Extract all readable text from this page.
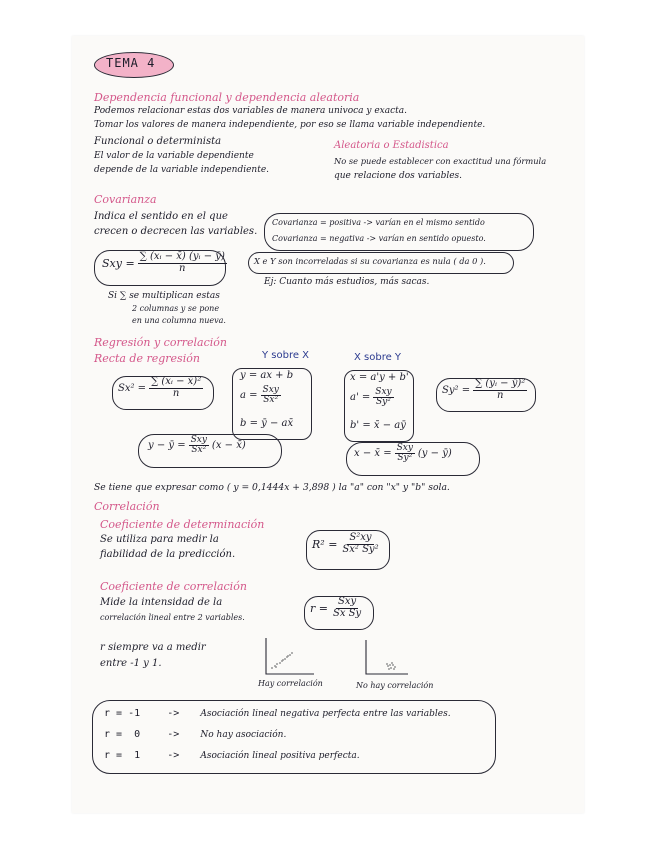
TEMA 4
Dependencia funcional y dependencia aleatoria
Podemos relacionar estas dos variables de manera univoca y exacta.
Tomar los valores de manera independiente, por eso se llama variable independiente.
Funcional o determinista
El valor de la variable dependiente
depende de la variable independiente.
Aleatoria o Estadistica
No se puede establecer con exactitud una fórmula
que relacione dos variables.
Covarianza
Indica el sentido en el que
crecen o decrecen las variables.
Covarianza = positiva -> varían en el mismo sentido
Covarianza = negativa -> varían en sentido opuesto.
X e Y son incorreladas si su covarianza es nula ( da 0 ).
Ej: Cuanto más estudios, más sacas.
Sxy = $\frac{\text{∑ (xᵢ − x̄) (yᵢ − ȳ)}}{n}$
Si ∑ se multiplican estas
2 columnas y se pone
en una columna nueva.
Regresión y correlación
Recta de regresión	Y sobre X	X sobre Y
$Sx^2 = \frac{\text{∑ (xᵢ − x̄)²}}{n}$
y = ax + b
$a = \frac{\text{Sxy}}{\text{Sx²}}$
b = ȳ − ax̄
x = a'y + b'
$a' = \frac{\text{Sxy}}{\text{Sy²}}$
b' = x̄ − aȳ
$Sy^2 = \frac{\text{∑ (yᵢ − ȳ)²}}{n}$
y − ȳ = $\frac{\text{Sxy}}{\text{Sx²}} (x$ − x̄)
x − x̄ = $\frac{\text{Sxy}}{\text{Sy²}} (y$ − ȳ)
Se tiene que expresar como ( y = 0,1444x + 3,898 ) la "a" con "x" y "b" sola.
Correlación
Coeficiente de determinación
Se utiliza para medir la
fiabilidad de la predicción.
$R^2 = \frac{\text{S²xy}}{\text{Sx² Sy²}}$
Coeficiente de correlación
Mide la intensidad de la
correlación lineal entre 2 variables.
$r = \frac{\text{Sxy}}{\text{Sx Sy}}$
r siempre va a medir
entre -1 y 1.
Hay correlación	No hay correlación
r = -1	-> Asociación lineal negativa perfecta entre las variables.
r =  0	-> No hay asociación.
r =  1	-> Asociación lineal positiva perfecta.
